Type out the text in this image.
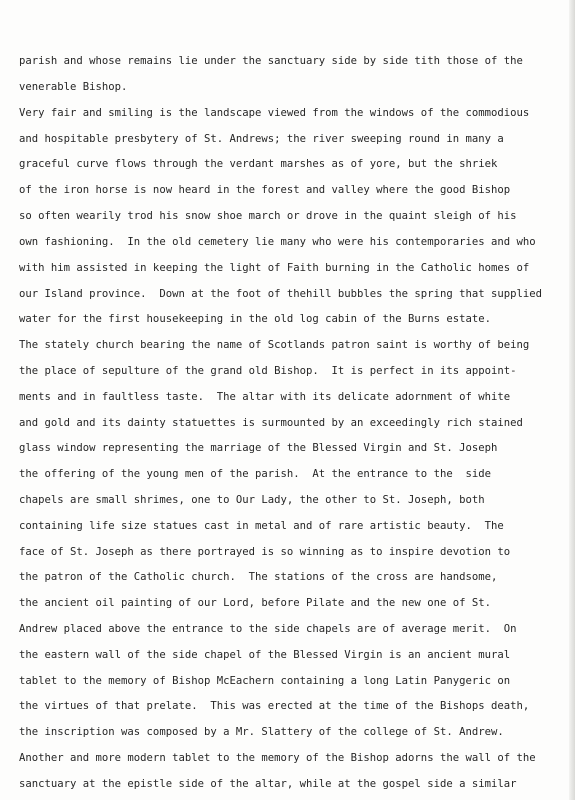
parish and whose remains lie under the sanctuary side by side tith those of the
venerable Bishop.
Very fair and smiling is the landscape viewed from the windows of the commodious
and hospitable presbytery of St. Andrews; the river sweeping round in many a
graceful curve flows through the verdant marshes as of yore, but the shriek
of the iron horse is now heard in the forest and valley where the good Bishop
so often wearily trod his snow shoe march or drove in the quaint sleigh of his
own fashioning.  In the old cemetery lie many who were his contemporaries and who
with him assisted in keeping the light of Faith burning in the Catholic homes of
our Island province.  Down at the foot of thehill bubbles the spring that supplied
water for the first housekeeping in the old log cabin of the Burns estate.
The stately church bearing the name of Scotlands patron saint is worthy of being
the place of sepulture of the grand old Bishop.  It is perfect in its appoint-
ments and in faultless taste.  The altar with its delicate adornment of white
and gold and its dainty statuettes is surmounted by an exceedingly rich stained
glass window representing the marriage of the Blessed Virgin and St. Joseph
the offering of the young men of the parish.  At the entrance to the  side
chapels are small shrimes, one to Our Lady, the other to St. Joseph, both
containing life size statues cast in metal and of rare artistic beauty.  The
face of St. Joseph as there portrayed is so winning as to inspire devotion to
the patron of the Catholic church.  The stations of the cross are handsome,
the ancient oil painting of our Lord, before Pilate and the new one of St.
Andrew placed above the entrance to the side chapels are of average merit.  On
the eastern wall of the side chapel of the Blessed Virgin is an ancient mural
tablet to the memory of Bishop McEachern containing a long Latin Panygeric on
the virtues of that prelate.  This was erected at the time of the Bishops death,
the inscription was composed by a Mr. Slattery of the college of St. Andrew.
Another and more modern tablet to the memory of the Bishop adorns the wall of the
sanctuary at the epistle side of the altar, while at the gospel side a similar
